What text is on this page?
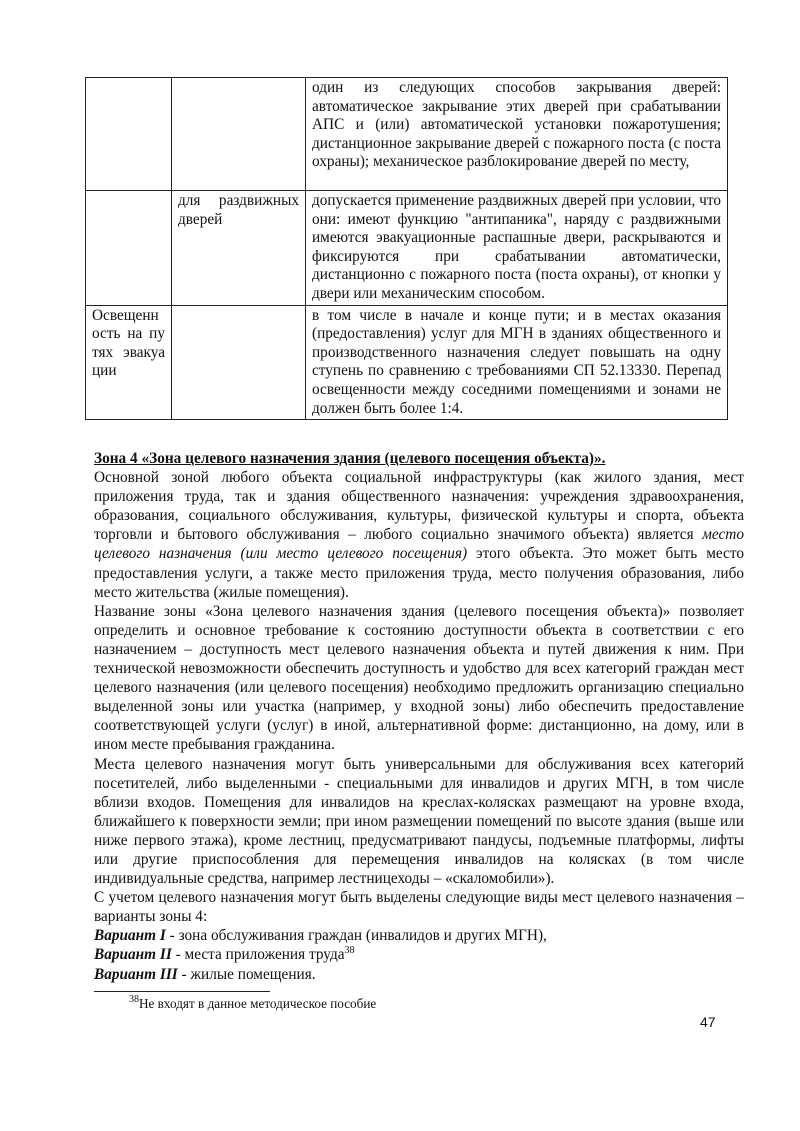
		один из следующих способов закрывания дверей: автоматическое закрывание этих дверей при срабатывании АПС и (или) автоматической установки пожаротушения; дистанционное закрывание дверей с пожарного поста (с поста охраны); механическое разблокирование дверей по месту,
	для раздвижных дверей	допускается применение раздвижных дверей при условии, что они: имеют функцию "антипаника", наряду с раздвижными имеются эвакуационные распашные двери, раскрываются и фиксируются при срабатывании автоматически, дистанционно с пожарного поста (поста охраны), от кнопки у двери или механическим способом.
Освещенность на путях эвакуации		в том числе в начале и конце пути; и в местах оказания (предоставления) услуг для МГН в зданиях общественного и производственного назначения следует повышать на одну ступень по сравнению с требованиями СП 52.13330. Перепад освещенности между соседними помещениями и зонами не должен быть более 1:4.

Зона 4 «Зона целевого назначения здания (целевого посещения объекта)».

Основной зоной любого объекта социальной инфраструктуры (как жилого здания, мест приложения труда, так и здания общественного назначения: учреждения здравоохранения, образования, социального обслуживания, культуры, физической культуры и спорта, объекта торговли и бытового обслуживания – любого социально значимого объекта) является место целевого назначения (или место целевого посещения) этого объекта. Это может быть место предоставления услуги, а также место приложения труда, место получения образования, либо место жительства (жилые помещения).

Название зоны «Зона целевого назначения здания (целевого посещения объекта)» позволяет определить и основное требование к состоянию доступности объекта в соответствии с его назначением – доступность мест целевого назначения объекта и путей движения к ним. При технической невозможности обеспечить доступность и удобство для всех категорий граждан мест целевого назначения (или целевого посещения) необходимо предложить организацию специально выделенной зоны или участка (например, у входной зоны) либо обеспечить предоставление соответствующей услуги (услуг) в иной, альтернативной форме: дистанционно, на дому, или в ином месте пребывания гражданина.

Места целевого назначения могут быть универсальными для обслуживания всех категорий посетителей, либо выделенными - специальными для инвалидов и других МГН, в том числе вблизи входов. Помещения для инвалидов на креслах-колясках размещают на уровне входа, ближайшего к поверхности земли; при ином размещении помещений по высоте здания (выше или ниже первого этажа), кроме лестниц, предусматривают пандусы, подъемные платформы, лифты или другие приспособления для перемещения инвалидов на колясках (в том числе индивидуальные средства, например лестницеходы – «скаломобили»).

С учетом целевого назначения могут быть выделены следующие виды мест целевого назначения – варианты зоны 4:

Вариант I - зона обслуживания граждан (инвалидов и других МГН),

Вариант II - места приложения труда$^{38}$

Вариант III - жилые помещения.

$^{38}$Не входят в данное методическое пособие
47
